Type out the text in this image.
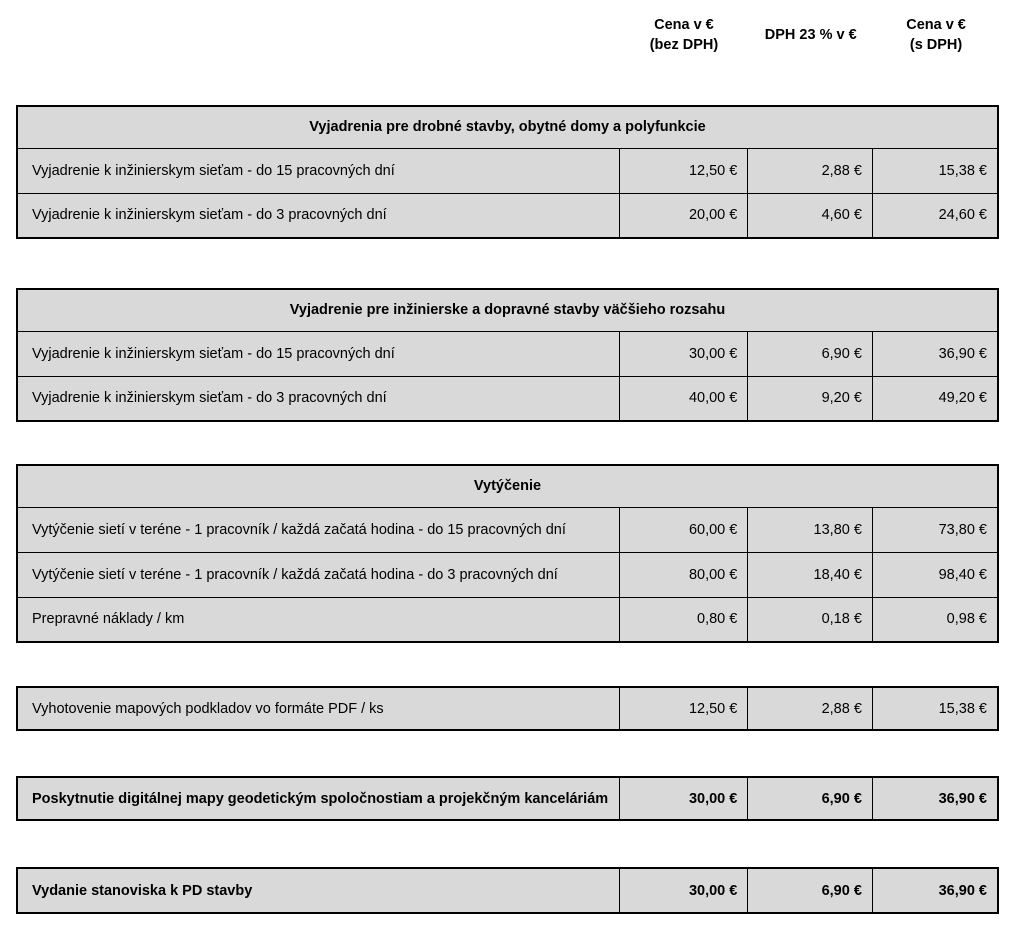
Cena v €
(bez DPH)
DPH 23 % v €
Cena v €
(s DPH)
Vyjadrenia pre drobné stavby, obytné domy a polyfunkcie			
Vyjadrenie k inžinierskym sieťam - do 15 pracovných dní	12,50 €	2,88 €	15,38 €
Vyjadrenie k inžinierskym sieťam - do 3 pracovných dní	20,00 €	4,60 €	24,60 €
Vyjadrenie pre inžinierske a dopravné stavby väčšieho rozsahu			
Vyjadrenie k inžinierskym sieťam - do 15 pracovných dní	30,00 €	6,90 €	36,90 €
Vyjadrenie k inžinierskym sieťam - do 3 pracovných dní	40,00 €	9,20 €	49,20 €
Vytýčenie			
Vytýčenie sietí v teréne - 1 pracovník / každá začatá hodina - do 15 pracovných dní	60,00 €	13,80 €	73,80 €
Vytýčenie sietí v teréne - 1 pracovník / každá začatá hodina - do 3 pracovných dní	80,00 €	18,40 €	98,40 €
Prepravné náklady / km	0,80 €	0,18 €	0,98 €
Vyhotovenie mapových podkladov vo formáte PDF / ks	12,50 €	2,88 €	15,38 €
Poskytnutie digitálnej mapy geodetickým spoločnostiam a projekčným kanceláriám	30,00 €	6,90 €	36,90 €
Vydanie stanoviska k PD stavby	30,00 €	6,90 €	36,90 €
